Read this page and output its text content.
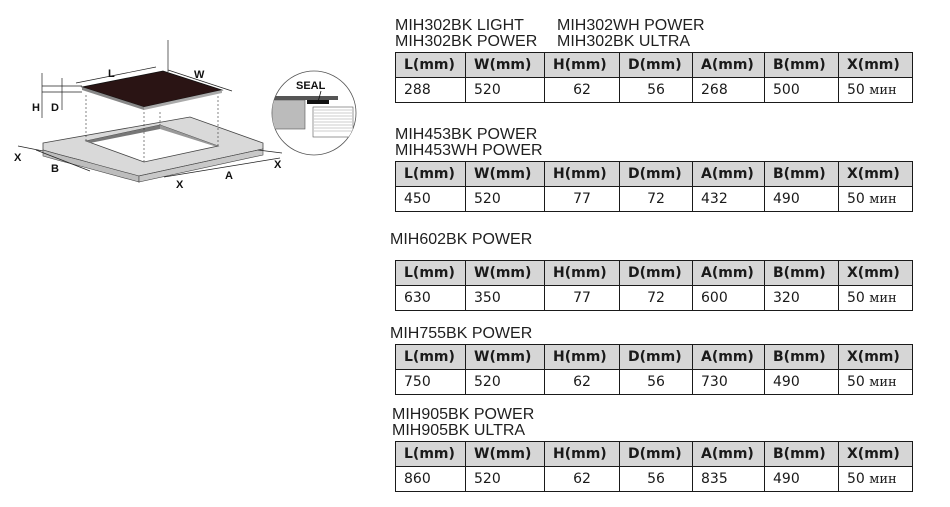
L	W
H D
X
B
X
A
X
SEAL
MIH302BK LIGHT	MIH302WH POWER
MIH302BK POWER	MIH302BK ULTRA
L(mm)	W(mm)	H(mm)	D(mm)	A(mm)	B(mm)	X(mm)
288	520	62	56	268	500	50 мин
MIH453BK POWER
MIH453WH POWER
L(mm)	W(mm)	H(mm)	D(mm)	A(mm)	B(mm)	X(mm)
450	520	77	72	432	490	50 мин
MIH602BK POWER
L(mm)	W(mm)	H(mm)	D(mm)	A(mm)	B(mm)	X(mm)
630	350	77	72	600	320	50 мин
MIH755BK POWER
L(mm)	W(mm)	H(mm)	D(mm)	A(mm)	B(mm)	X(mm)
750	520	62	56	730	490	50 мин
MIH905BK POWER
MIH905BK ULTRA
L(mm)	W(mm)	H(mm)	D(mm)	A(mm)	B(mm)	X(mm)
860	520	62	56	835	490	50 мин
